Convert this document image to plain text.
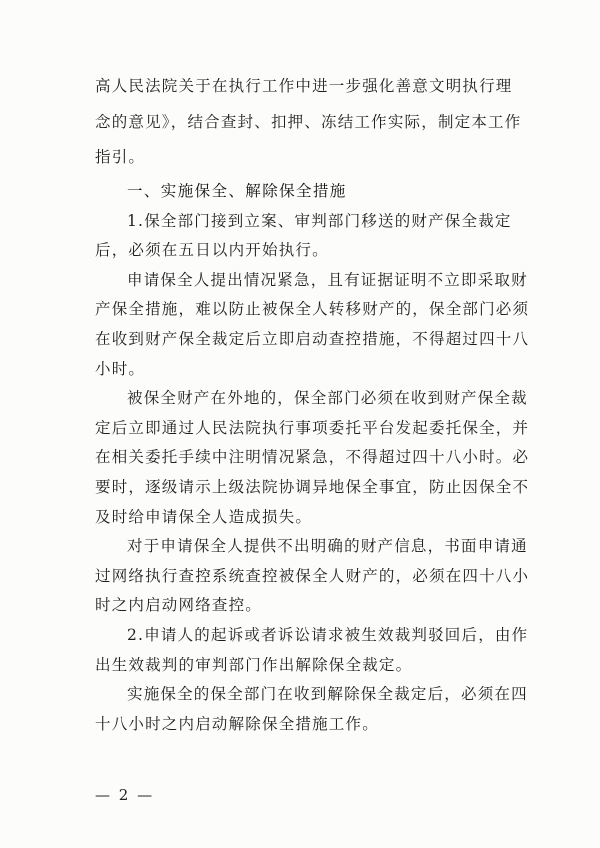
高人民法院关于在执行工作中进一步强化善意文明执行理
念的意见》，结合查封、扣押、冻结工作实际，制定本工作
指引。
一、实施保全、解除保全措施
1.保全部门接到立案、审判部门移送的财产保全裁定
后，必须在五日以内开始执行。
申请保全人提出情况紧急，且有证据证明不立即采取财
产保全措施，难以防止被保全人转移财产的，保全部门必须
在收到财产保全裁定后立即启动查控措施，不得超过四十八
小时。
被保全财产在外地的，保全部门必须在收到财产保全裁
定后立即通过人民法院执行事项委托平台发起委托保全，并
在相关委托手续中注明情况紧急，不得超过四十八小时。必
要时，逐级请示上级法院协调异地保全事宜，防止因保全不
及时给申请保全人造成损失。
对于申请保全人提供不出明确的财产信息，书面申请通
过网络执行查控系统查控被保全人财产的，必须在四十八小
时之内启动网络查控。
2.申请人的起诉或者诉讼请求被生效裁判驳回后，由作
出生效裁判的审判部门作出解除保全裁定。
实施保全的保全部门在收到解除保全裁定后，必须在四
十八小时之内启动解除保全措施工作。
— 2 —
